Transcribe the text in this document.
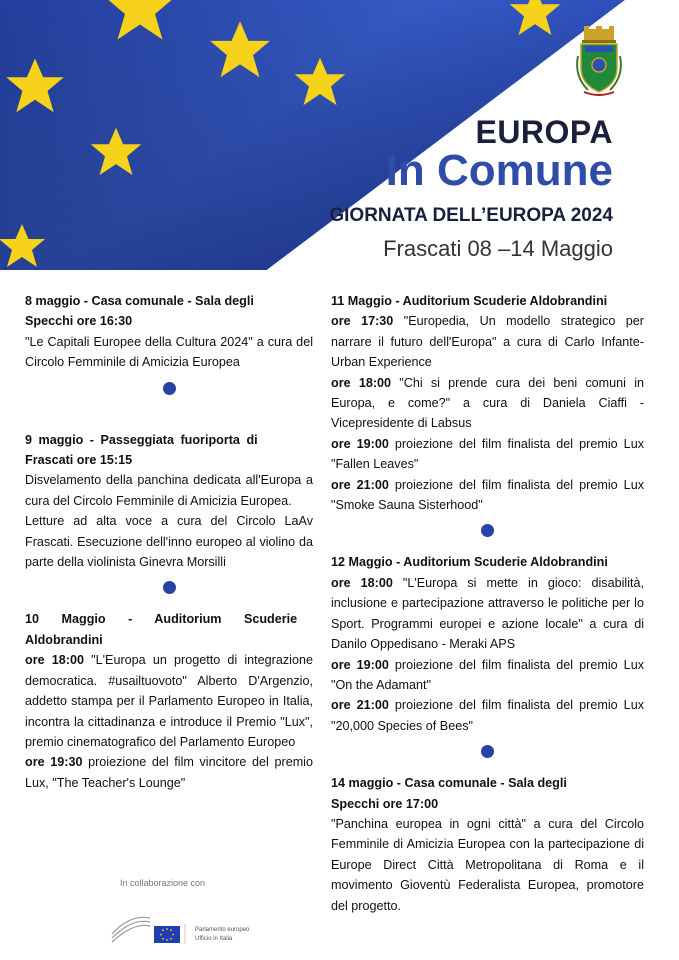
EUROPA
In Comune
GIORNATA DELL’EUROPA 2024
Frascati 08 –14 Maggio

8 maggio - Casa comunale - Sala degli

Specchi ore 16:30

"Le Capitali Europee della Cultura 2024" a cura del Circolo Femminile di Amicizia Europea

9 maggio - Passeggiata fuoriporta di

Frascati ore 15:15

Disvelamento della panchina dedicata all'Europa a cura del Circolo Femminile di Amicizia Europea.

Letture ad alta voce a cura del Circolo LaAv Frascati. Esecuzione dell'inno europeo al violino da parte della violinista Ginevra Morsilli

10 Maggio - Auditorium Scuderie

Aldobrandini

ore 18:00 "L'Europa un progetto di integrazione democratica. #usailtuovoto" Alberto D'Argenzio, addetto stampa per il Parlamento Europeo in Italia, incontra la cittadinanza e introduce il Premio "Lux", premio cinematografico del Parlamento Europeo

ore 19:30 proiezione del film vincitore del premio Lux, "The Teacher's Lounge"

11 Maggio - Auditorium Scuderie Aldobrandini

ore 17:30 "Europedia, Un modello strategico per narrare il futuro dell'Europa" a cura di Carlo Infante-Urban Experience

ore 18:00 "Chi si prende cura dei beni comuni in Europa, e come?" a cura di Daniela Ciaffi - Vicepresidente di Labsus

ore 19:00 proiezione del film finalista del premio Lux "Fallen Leaves"

ore 21:00 proiezione del film finalista del premio Lux "Smoke Sauna Sisterhood"

12 Maggio - Auditorium Scuderie Aldobrandini

ore 18:00 "L'Europa si mette in gioco: disabilità, inclusione e partecipazione attraverso le politiche per lo Sport. Programmi europei e azione locale" a cura di Danilo Oppedisano - Meraki APS

ore 19:00 proiezione del film finalista del premio Lux "On the Adamant"

ore 21:00 proiezione del film finalista del premio Lux "20,000 Species of Bees"

14 maggio - Casa comunale - Sala degli

Specchi ore 17:00

"Panchina europea in ogni città" a cura del Circolo Femminile di Amicizia Europea con la partecipazione di Europe Direct Città Metropolitana di Roma e il movimento Gioventù Federalista Europea, promotore del progetto.

In collaborazione con
Parlamento europeo
Ufficio in Italia
